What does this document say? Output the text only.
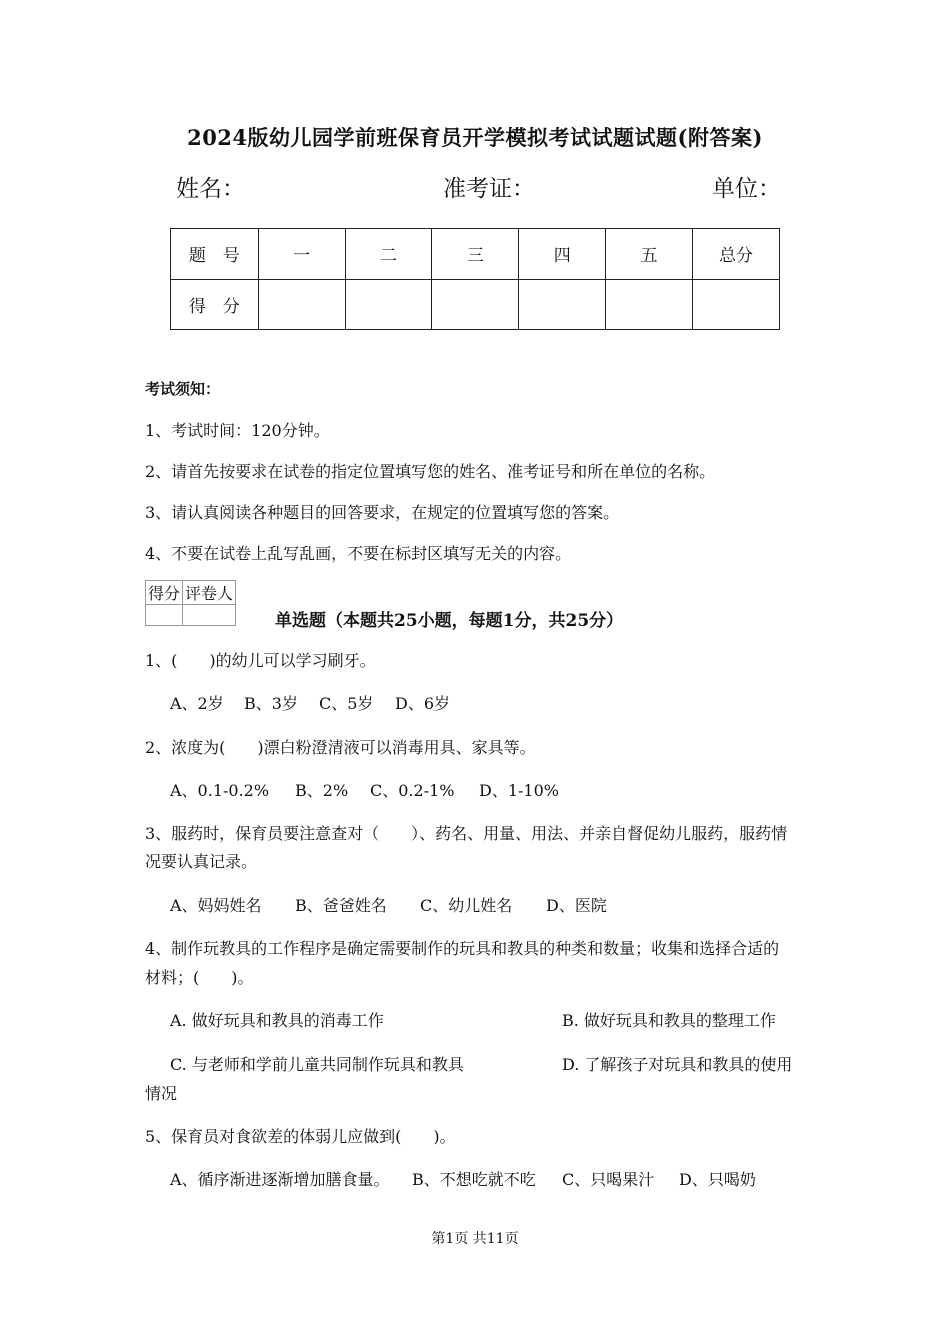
2024版幼儿园学前班保育员开学模拟考试试题试题(附答案)
姓名：	准考证：	单位：
题　号	一	二	三	四	五	总分
得　分						
考试须知：
1、考试时间：120分钟。
2、请首先按要求在试卷的指定位置填写您的姓名、准考证号和所在单位的名称。
3、请认真阅读各种题目的回答要求，在规定的位置填写您的答案。
4、不要在试卷上乱写乱画，不要在标封区填写无关的内容。
得分	评卷人

单选题（本题共25小题，每题1分，共25分）
1、(　　)的幼儿可以学习刷牙。
A、2岁 B、3岁 C、5岁 D、6岁
2、浓度为(　　)漂白粉澄清液可以消毒用具、家具等。
A、0.1-0.2% B、2% C、0.2-1% D、1-10%
3、服药时，保育员要注意查对（　　）、药名、用量、用法、并亲自督促幼儿服药，服药情
况要认真记录。
A、妈妈姓名 B、爸爸姓名 C、幼儿姓名 D、医院
4、制作玩教具的工作程序是确定需要制作的玩具和教具的种类和数量；收集和选择合适的
材料；(　　)。
A. 做好玩具和教具的消毒工作	B. 做好玩具和教具的整理工作
C. 与老师和学前儿童共同制作玩具和教具	D. 了解孩子对玩具和教具的使用
情况
5、保育员对食欲差的体弱儿应做到(　　)。
A、循序渐进逐渐增加膳食量。 B、不想吃就不吃 C、只喝果汁 D、只喝奶
第1页 共11页
